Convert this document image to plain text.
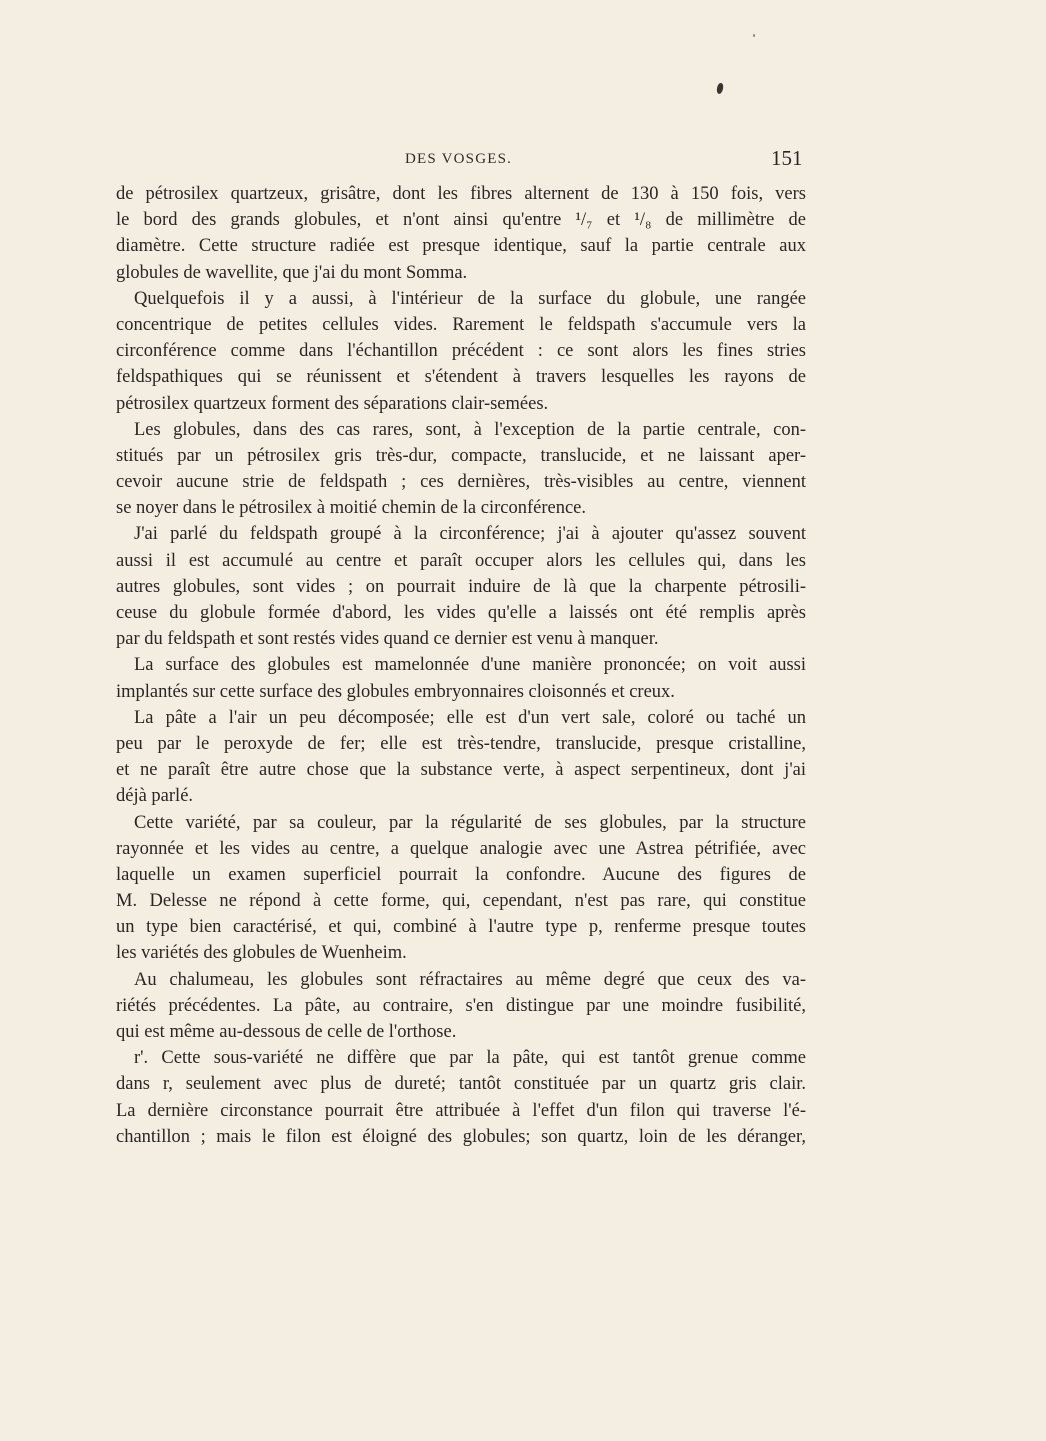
DES VOSGES.	151
de pétrosilex quartzeux, grisâtre, dont les fibres alternent de 130 à 150 fois, vers
le bord des grands globules, et n'ont ainsi qu'entre ¹/₇ et ¹/₈ de millimètre de
diamètre. Cette structure radiée est presque identique, sauf la partie centrale aux
globules de wavellite, que j'ai du mont Somma.
Quelquefois il y a aussi, à l'intérieur de la surface du globule, une rangée
concentrique de petites cellules vides. Rarement le feldspath s'accumule vers la
circonférence comme dans l'échantillon précédent : ce sont alors les fines stries
feldspathiques qui se réunissent et s'étendent à travers lesquelles les rayons de
pétrosilex quartzeux forment des séparations clair-semées.
Les globules, dans des cas rares, sont, à l'exception de la partie centrale, con-
stitués par un pétrosilex gris très-dur, compacte, translucide, et ne laissant aper-
cevoir aucune strie de feldspath ; ces dernières, très-visibles au centre, viennent
se noyer dans le pétrosilex à moitié chemin de la circonférence.
J'ai parlé du feldspath groupé à la circonférence; j'ai à ajouter qu'assez souvent
aussi il est accumulé au centre et paraît occuper alors les cellules qui, dans les
autres globules, sont vides ; on pourrait induire de là que la charpente pétrosili-
ceuse du globule formée d'abord, les vides qu'elle a laissés ont été remplis après
par du feldspath et sont restés vides quand ce dernier est venu à manquer.
La surface des globules est mamelonnée d'une manière prononcée; on voit aussi
implantés sur cette surface des globules embryonnaires cloisonnés et creux.
La pâte a l'air un peu décomposée; elle est d'un vert sale, coloré ou taché un
peu par le peroxyde de fer; elle est très-tendre, translucide, presque cristalline,
et ne paraît être autre chose que la substance verte, à aspect serpentineux, dont j'ai
déjà parlé.
Cette variété, par sa couleur, par la régularité de ses globules, par la structure
rayonnée et les vides au centre, a quelque analogie avec une Astrea pétrifiée, avec
laquelle un examen superficiel pourrait la confondre. Aucune des figures de
M. Delesse ne répond à cette forme, qui, cependant, n'est pas rare, qui constitue
un type bien caractérisé, et qui, combiné à l'autre type p, renferme presque toutes
les variétés des globules de Wuenheim.
Au chalumeau, les globules sont réfractaires au même degré que ceux des va-
riétés précédentes. La pâte, au contraire, s'en distingue par une moindre fusibilité,
qui est même au-dessous de celle de l'orthose.
r'. Cette sous-variété ne diffère que par la pâte, qui est tantôt grenue comme
dans r, seulement avec plus de dureté; tantôt constituée par un quartz gris clair.
La dernière circonstance pourrait être attribuée à l'effet d'un filon qui traverse l'é-
chantillon ; mais le filon est éloigné des globules; son quartz, loin de les déranger,
